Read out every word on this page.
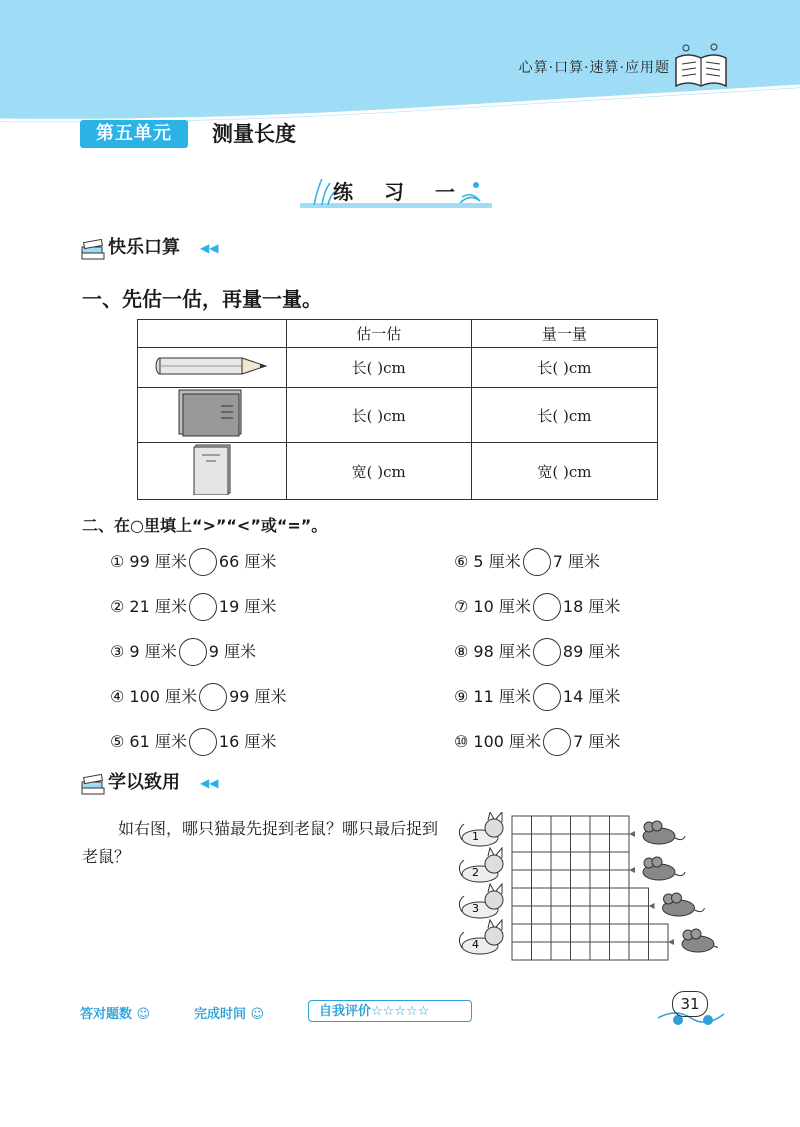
心算·口算·速算·应用题
第五单元	测量长度
练 习 一
快乐口算 ◀◀
一、先估一估，再量一量。
	估一估	量一量
	长( )cm	长( )cm
	长( )cm	长( )cm
	宽( )cm	宽( )cm
二、在○里填上“>”“<”或“=”。
① 99 厘米 66 厘米
② 21 厘米 19 厘米
③ 9 厘米 9 厘米
④ 100 厘米 99 厘米
⑤ 61 厘米 16 厘米
⑥ 5 厘米 7 厘米
⑦ 10 厘米 18 厘米
⑧ 98 厘米 89 厘米
⑨ 11 厘米 14 厘米
⑩ 100 厘米 7 厘米
学以致用 ◀◀
如右图，哪只猫最先捉到老鼠？哪只最后捉到老鼠？
1
2
3
4
答对题数 ☺	完成时间 ☺	自我评价☆☆☆☆☆	31
